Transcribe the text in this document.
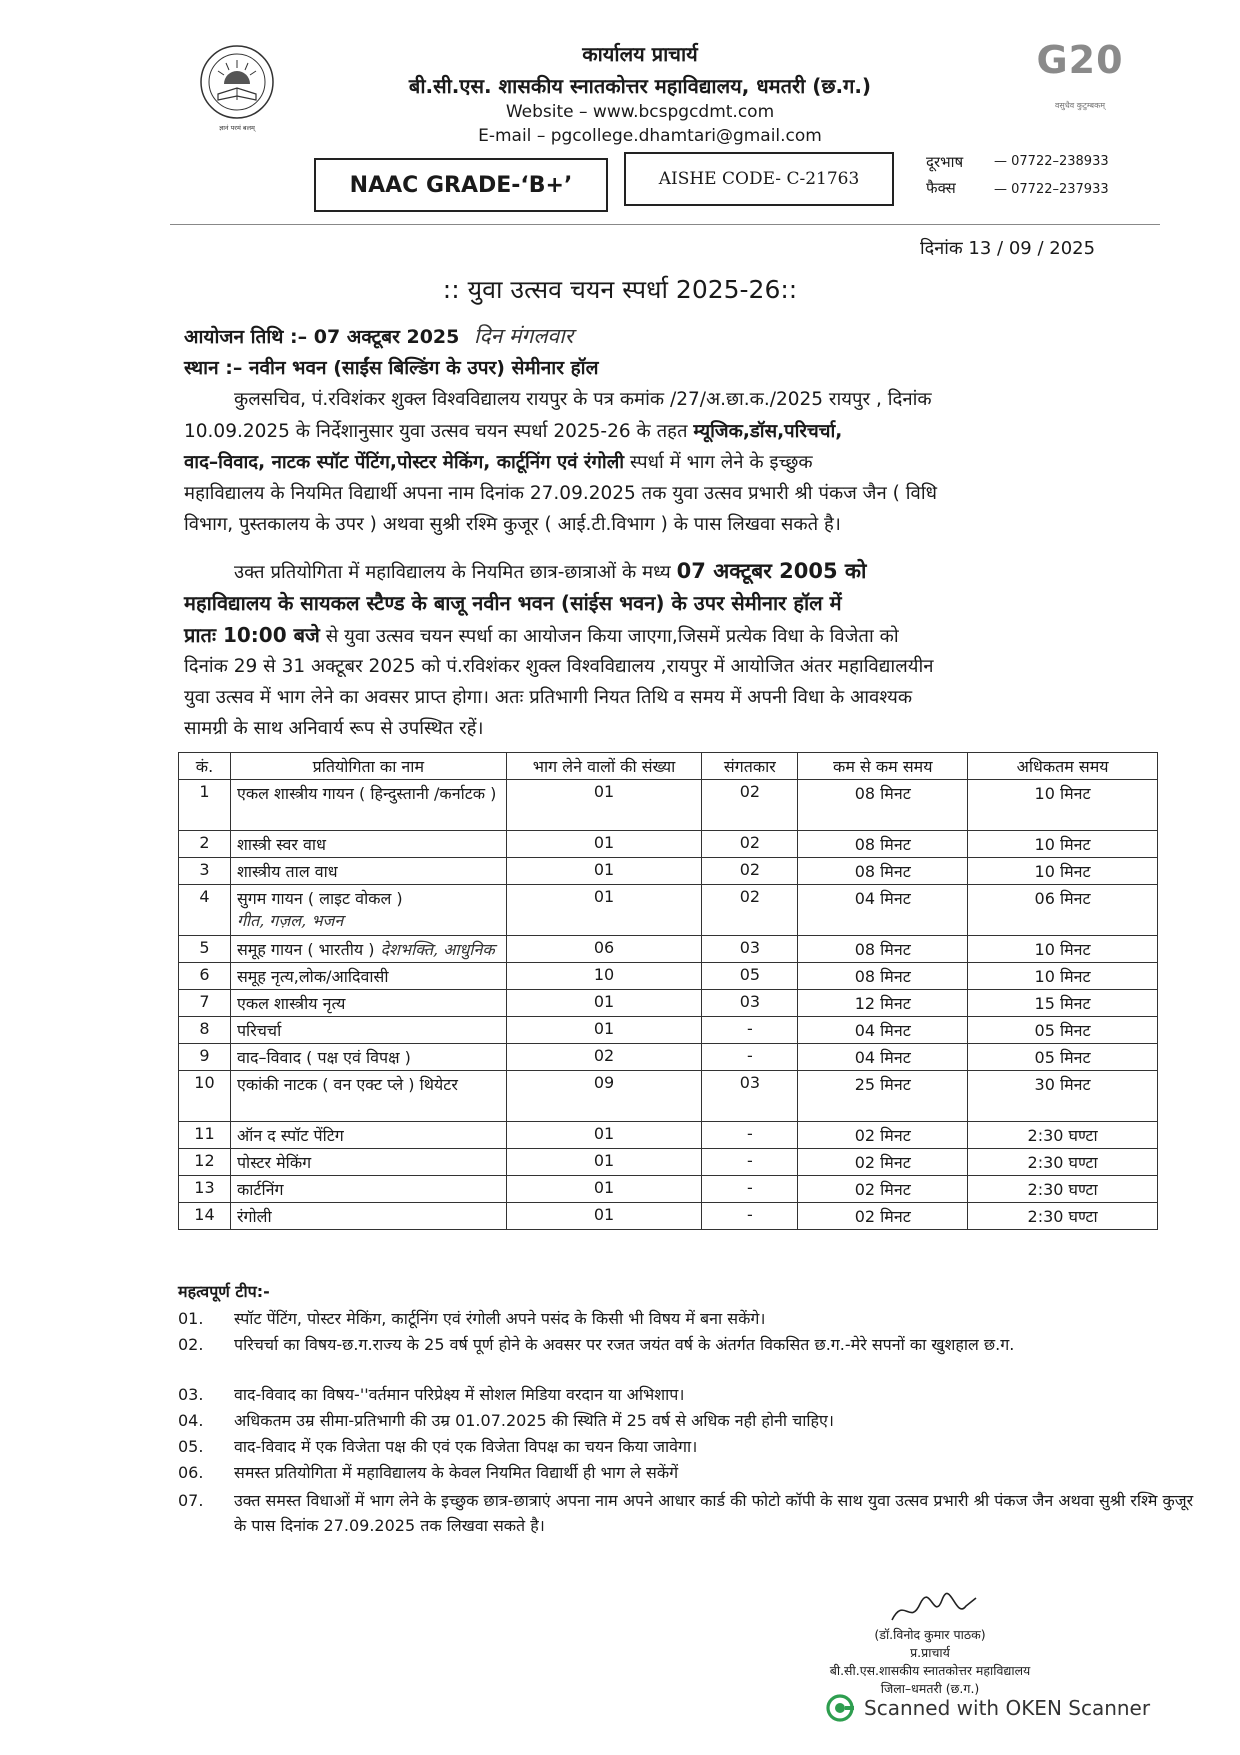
ज्ञानं परमं बलम्
G20
वसुधैव कुटुम्बकम्
कार्यालय प्राचार्य
बी.सी.एस. शासकीय स्नातकोत्तर महाविद्यालय, धमतरी (छ.ग.)
Website – www.bcspgcdmt.com
E-mail – pgcollege.dhamtari@gmail.com
NAAC GRADE-‘B+’	AISHE CODE- C-21763
दूरभाष — 07722–238933
फैक्स	— 07722–237933
दिनांक 13 / 09 / 2025
:: युवा उत्सव चयन स्पर्धा 2025-26::
आयोजन तिथि :– 07 अक्टूबर 2025 दिन मंगलवार
स्थान :– नवीन भवन (साईंस बिल्डिंग के उपर) सेमीनार हॉल
कुलसचिव, पं.रविशंकर शुक्ल विश्वविद्यालय रायपुर के पत्र कमांक /27/अ.छा.क./2025 रायपुर , दिनांक
10.09.2025 के निर्देशानुसार युवा उत्सव चयन स्पर्धा 2025-26 के तहत म्यूजिक,डॉस,परिचर्चा,
वाद–विवाद, नाटक स्पॉट पेंटिंग,पोस्टर मेकिंग, कार्टूनिंग एवं रंगोली स्पर्धा में भाग लेने के इच्छुक
महाविद्यालय के नियमित विद्यार्थी अपना नाम दिनांक 27.09.2025 तक युवा उत्सव प्रभारी श्री पंकज जैन ( विधि
विभाग, पुस्तकालय के उपर ) अथवा सुश्री रश्मि कुजूर ( आई.टी.विभाग ) के पास लिखवा सकते है।
उक्त प्रतियोगिता में महाविद्यालय के नियमित छात्र-छात्राओं के मध्य 07 अक्टूबर 2005 को
महाविद्यालय के सायकल स्टैण्ड के बाजू नवीन भवन (सांईस भवन) के उपर सेमीनार हॉल में
प्रातः 10:00 बजे से युवा उत्सव चयन स्पर्धा का आयोजन किया जाएगा,जिसमें प्रत्येक विधा के विजेता को
दिनांक 29 से 31 अक्टूबर 2025 को पं.रविशंकर शुक्ल विश्वविद्यालय ,रायपुर में आयोजित अंतर महाविद्यालयीन
युवा उत्सव में भाग लेने का अवसर प्राप्त होगा। अतः प्रतिभागी नियत तिथि व समय में अपनी विधा के आवश्यक
सामग्री के साथ अनिवार्य रूप से उपस्थित रहें।
कं.	प्रतियोगिता का नाम	भाग लेने वालों की संख्या	संगतकार	कम से कम समय	अधिकतम समय
1	एकल शास्त्रीय गायन ( हिन्दुस्तानी /कर्नाटक )	01	02	08 मिनट	10 मिनट
2	शास्त्री स्वर वाध	01	02	08 मिनट	10 मिनट
3	शास्त्रीय ताल वाध	01	02	08 मिनट	10 मिनट
4	सुगम गायन ( लाइट वोकल )
गीत, गज़ल, भजन	01	02	04 मिनट	06 मिनट
5	समूह गायन ( भारतीय ) देशभक्ति, आधुनिक	06	03	08 मिनट	10 मिनट
6	समूह नृत्य,लोक/आदिवासी	10	05	08 मिनट	10 मिनट
7	एकल शास्त्रीय नृत्य	01	03	12 मिनट	15 मिनट
8	परिचर्चा	01	-	04 मिनट	05 मिनट
9	वाद–विवाद ( पक्ष एवं विपक्ष )	02	-	04 मिनट	05 मिनट
10	एकांकी नाटक ( वन एक्ट प्ले ) थियेटर	09	03	25 मिनट	30 मिनट
11	ऑन द स्पॉट पेंटिग	01	-	02 मिनट	2:30 घण्टा
12	पोस्टर मेकिंग	01	-	02 मिनट	2:30 घण्टा
13	कार्टनिंग	01	-	02 मिनट	2:30 घण्टा
14	रंगोली	01	-	02 मिनट	2:30 घण्टा
महत्वपूर्ण टीप:-
01. स्पॉट पेंटिंग, पोस्टर मेकिंग, कार्टूनिंग एवं रंगोली अपने पसंद के किसी भी विषय में बना सकेंगे।
02. परिचर्चा का विषय-छ.ग.राज्य के 25 वर्ष पूर्ण होने के अवसर पर रजत जयंत वर्ष के अंतर्गत विकसित छ.ग.-मेरे सपनों का खुशहाल छ.ग.
03. वाद-विवाद का विषय-''वर्तमान परिप्रेक्ष्य में सोशल मिडिया वरदान या अभिशाप।
04. अधिकतम उम्र सीमा-प्रतिभागी की उम्र 01.07.2025 की स्थिति में 25 वर्ष से अधिक नही होनी चाहिए।
05. वाद-विवाद में एक विजेता पक्ष की एवं एक विजेता विपक्ष का चयन किया जावेगा।
06. समस्त प्रतियोगिता में महाविद्यालय के केवल नियमित विद्यार्थी ही भाग ले सकेंगें
07. उक्त समस्त विधाओं में भाग लेने के इच्छुक छात्र-छात्राएं अपना नाम अपने आधार कार्ड की फोटो कॉपी के साथ युवा उत्सव प्रभारी श्री पंकज जैन अथवा सुश्री रश्मि कुजूर के पास दिनांक 27.09.2025 तक लिखवा सकते है।
(डॉ.विनोद कुमार पाठक)
प्र.प्राचार्य
बी.सी.एस.शासकीय स्नातकोत्तर महाविद्यालय
जिला–धमतरी (छ.ग.)
Scanned with OKEN Scanner
